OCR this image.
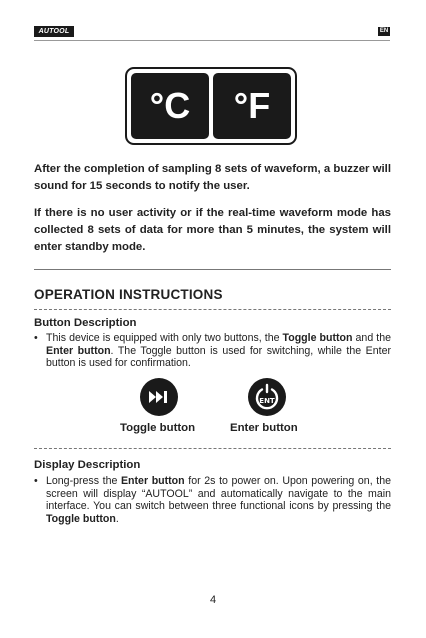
AUTOOL	EN
°C	°F

After the completion of sampling 8 sets of waveform, a buzzer will sound for 15 seconds to notify the user.

If there is no user activity or if the real-time waveform mode has collected 8 sets of data for more than 5 minutes, the system will enter standby mode.

OPERATION INSTRUCTIONS
Button Description

• This device is equipped with only two buttons, the Toggle button and the Enter button. The Toggle button is used for switching, while the Enter button is used for confirmation.

ENT

Toggle button	Enter button

Display Description

• Long-press the Enter button for 2s to power on. Upon powering on, the screen will display “AUTOOL” and automatically navigate to the main interface. You can switch between three functional icons by pressing the Toggle button.

4
